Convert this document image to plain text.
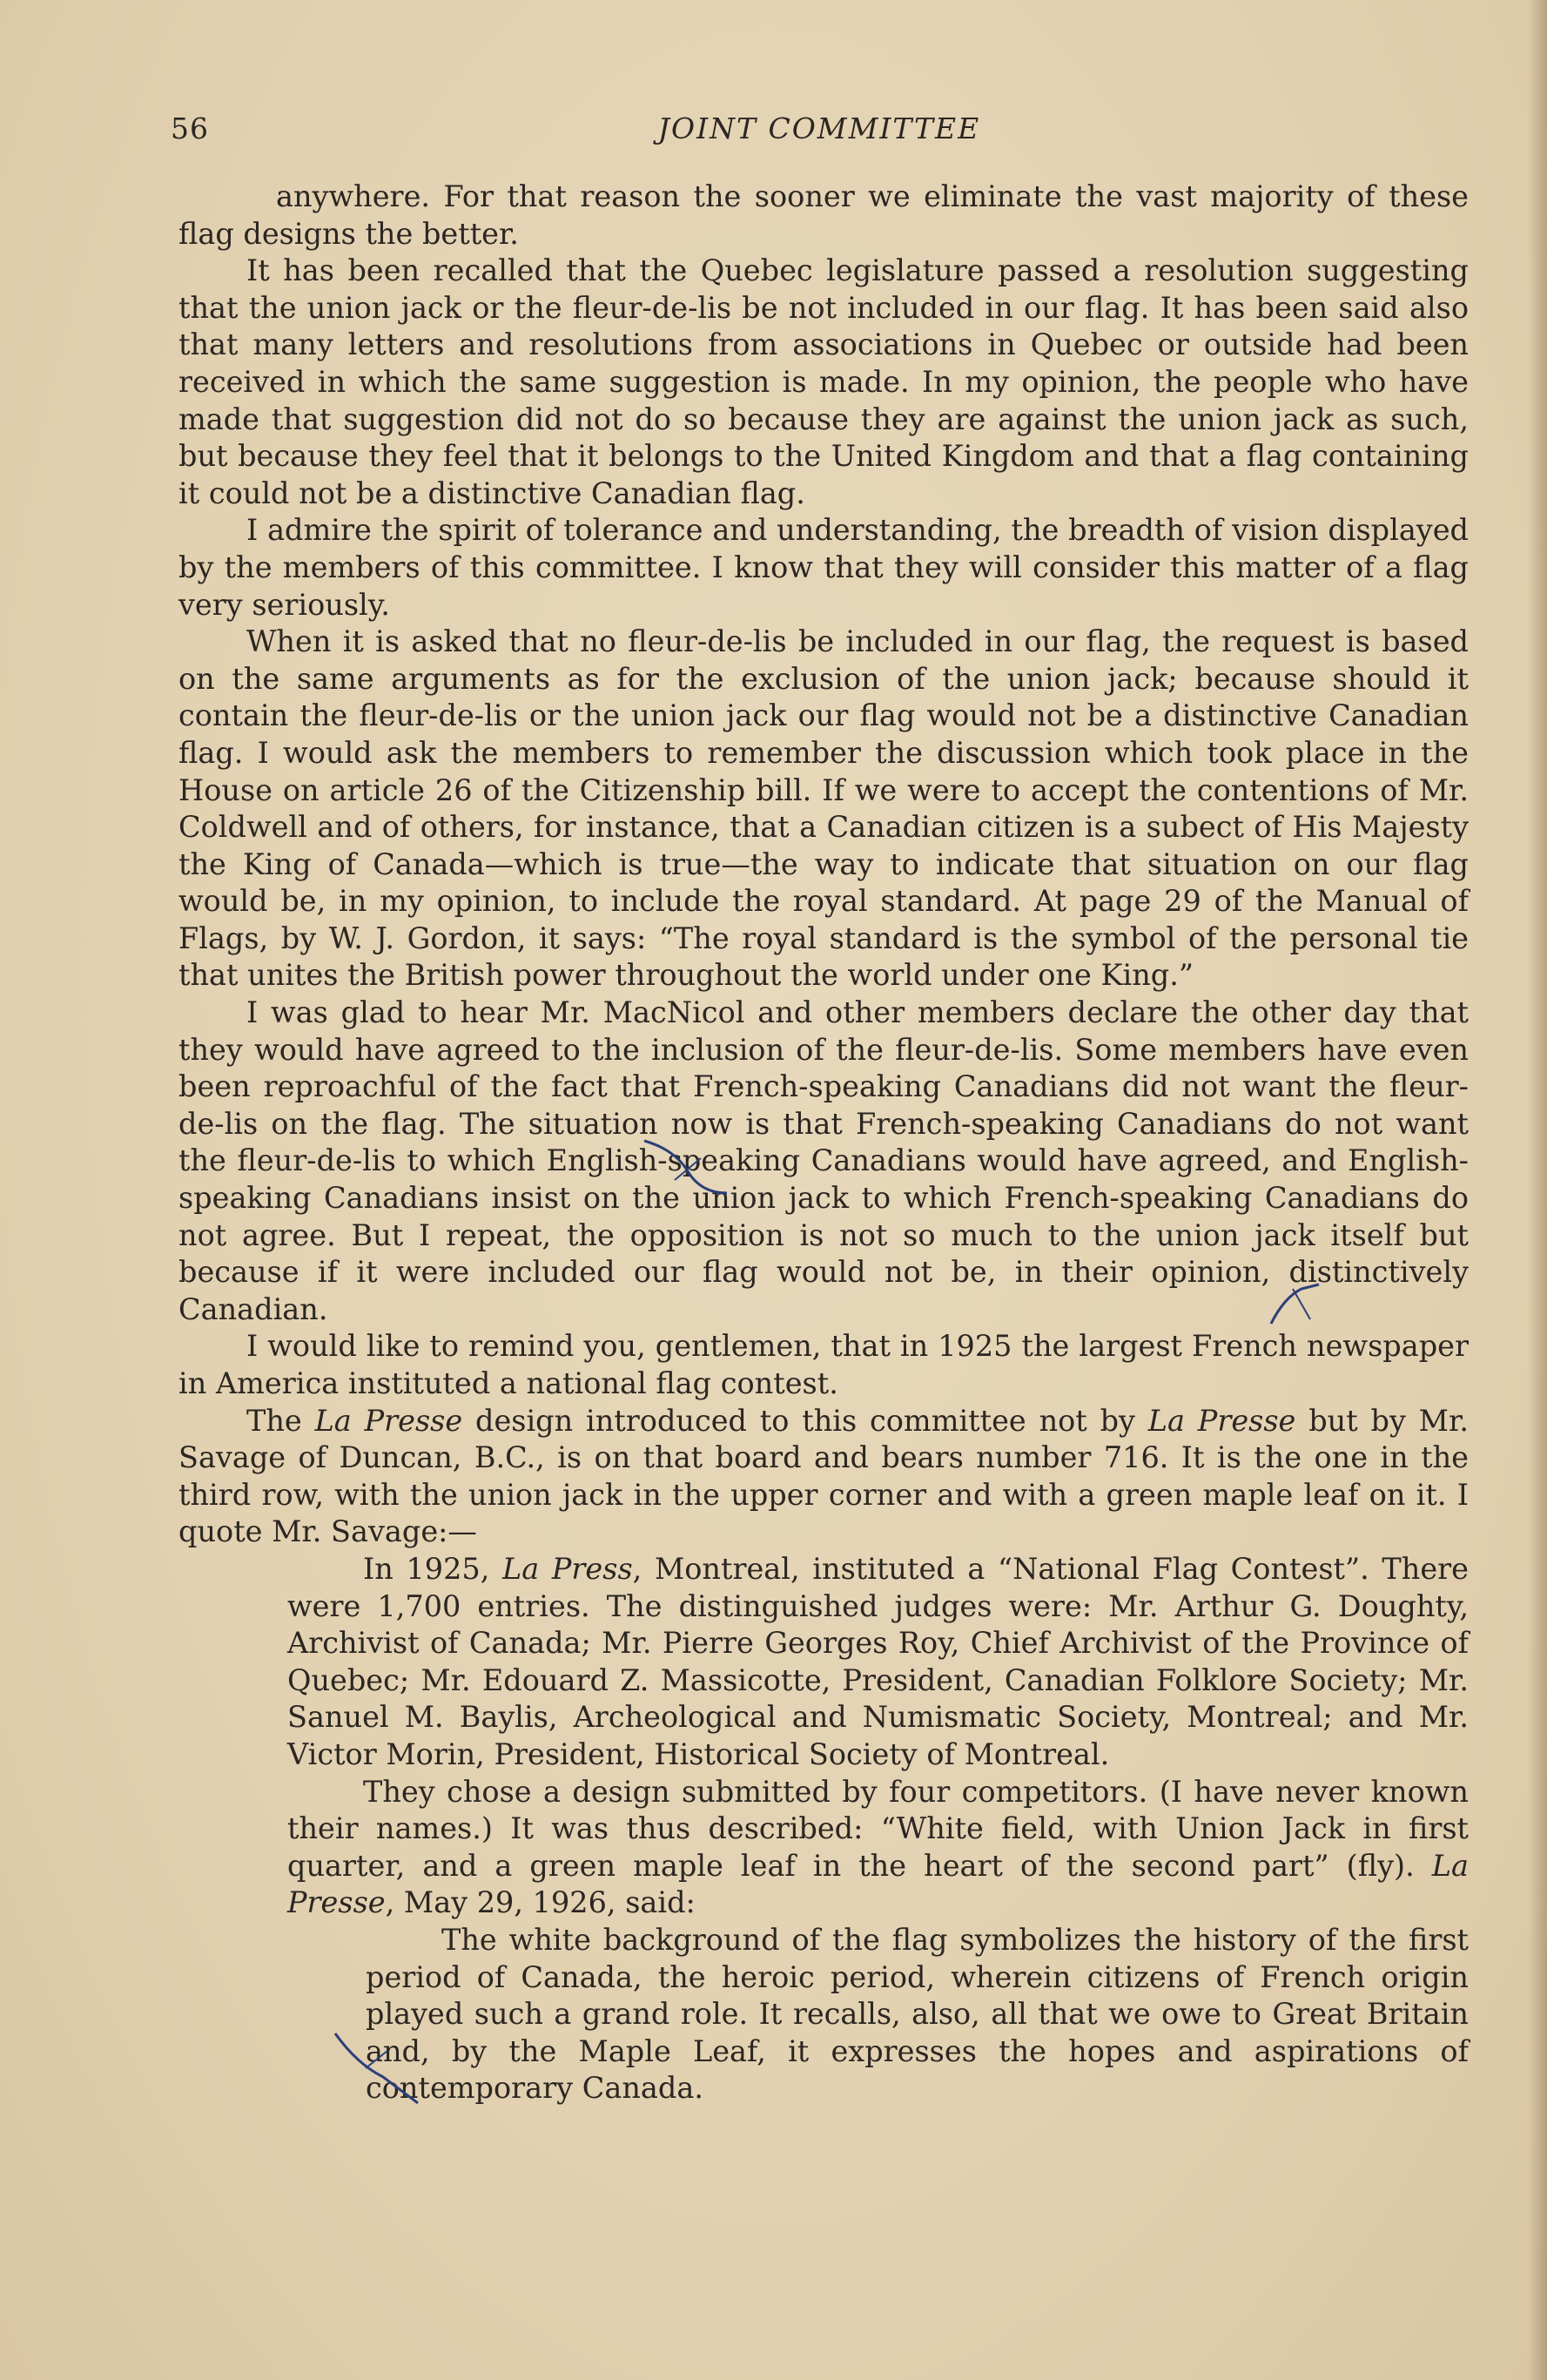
56	JOINT COMMITTEE

anywhere. For that reason the sooner we eliminate the vast majority of these flag designs the better.

It has been recalled that the Quebec legislature passed a resolution suggesting that the union jack or the fleur-de-lis be not included in our flag. It has been said also that many letters and resolutions from associations in Quebec or outside had been received in which the same suggestion is made. In my opinion, the people who have made that suggestion did not do so because they are against the union jack as such, but because they feel that it belongs to the United Kingdom and that a flag containing it could not be a distinctive Canadian flag.

I admire the spirit of tolerance and understanding, the breadth of vision displayed by the members of this committee. I know that they will consider this matter of a flag very seriously.

When it is asked that no fleur-de-lis be included in our flag, the request is based on the same arguments as for the exclusion of the union jack; because should it contain the fleur-de-lis or the union jack our flag would not be a distinctive Canadian flag. I would ask the members to remember the discussion which took place in the House on article 26 of the Citizenship bill. If we were to accept the contentions of Mr. Coldwell and of others, for instance, that a Canadian citizen is a subect of His Majesty the King of Canada—which is true—the way to indicate that situation on our flag would be, in my opinion, to include the royal standard. At page 29 of the Manual of Flags, by W. J. Gordon, it says: “The royal standard is the symbol of the personal tie that unites the British power throughout the world under one King.”

I was glad to hear Mr. MacNicol and other members declare the other day that they would have agreed to the inclusion of the fleur-de-lis. Some members have even been reproachful of the fact that French-speaking Canadians did not want the fleur-de-lis on the flag. The situation now is that French-speaking Canadians do not want the fleur-de-lis to which English-speaking Canadians would have agreed, and English-speaking Canadians insist on the union jack to which French-speaking Canadians do not agree. But I repeat, the opposition is not so much to the union jack itself but because if it were included our flag would not be, in their opinion, distinctively Canadian.

I would like to remind you, gentlemen, that in 1925 the largest French newspaper in America instituted a national flag contest.

The La Presse design introduced to this committee not by La Presse but by Mr. Savage of Duncan, B.C., is on that board and bears number 716. It is the one in the third row, with the union jack in the upper corner and with a green maple leaf on it. I quote Mr. Savage:—

In 1925, La Press, Montreal, instituted a “National Flag Contest”. There were 1,700 entries. The distinguished judges were: Mr. Arthur G. Doughty, Archivist of Canada; Mr. Pierre Georges Roy, Chief Archivist of the Province of Quebec; Mr. Edouard Z. Massicotte, President, Canadian Folklore Society; Mr. Sanuel M. Baylis, Archeological and Numismatic Society, Montreal; and Mr. Victor Morin, President, Historical Society of Montreal.

They chose a design submitted by four competitors. (I have never known their names.) It was thus described: “White field, with Union Jack in first quarter, and a green maple leaf in the heart of the second part” (fly). La Presse, May 29, 1926, said:

The white background of the flag symbolizes the history of the first period of Canada, the heroic period, wherein citizens of French origin played such a grand role. It recalls, also, all that we owe to Great Britain and, by the Maple Leaf, it expresses the hopes and aspirations of contemporary Canada.
